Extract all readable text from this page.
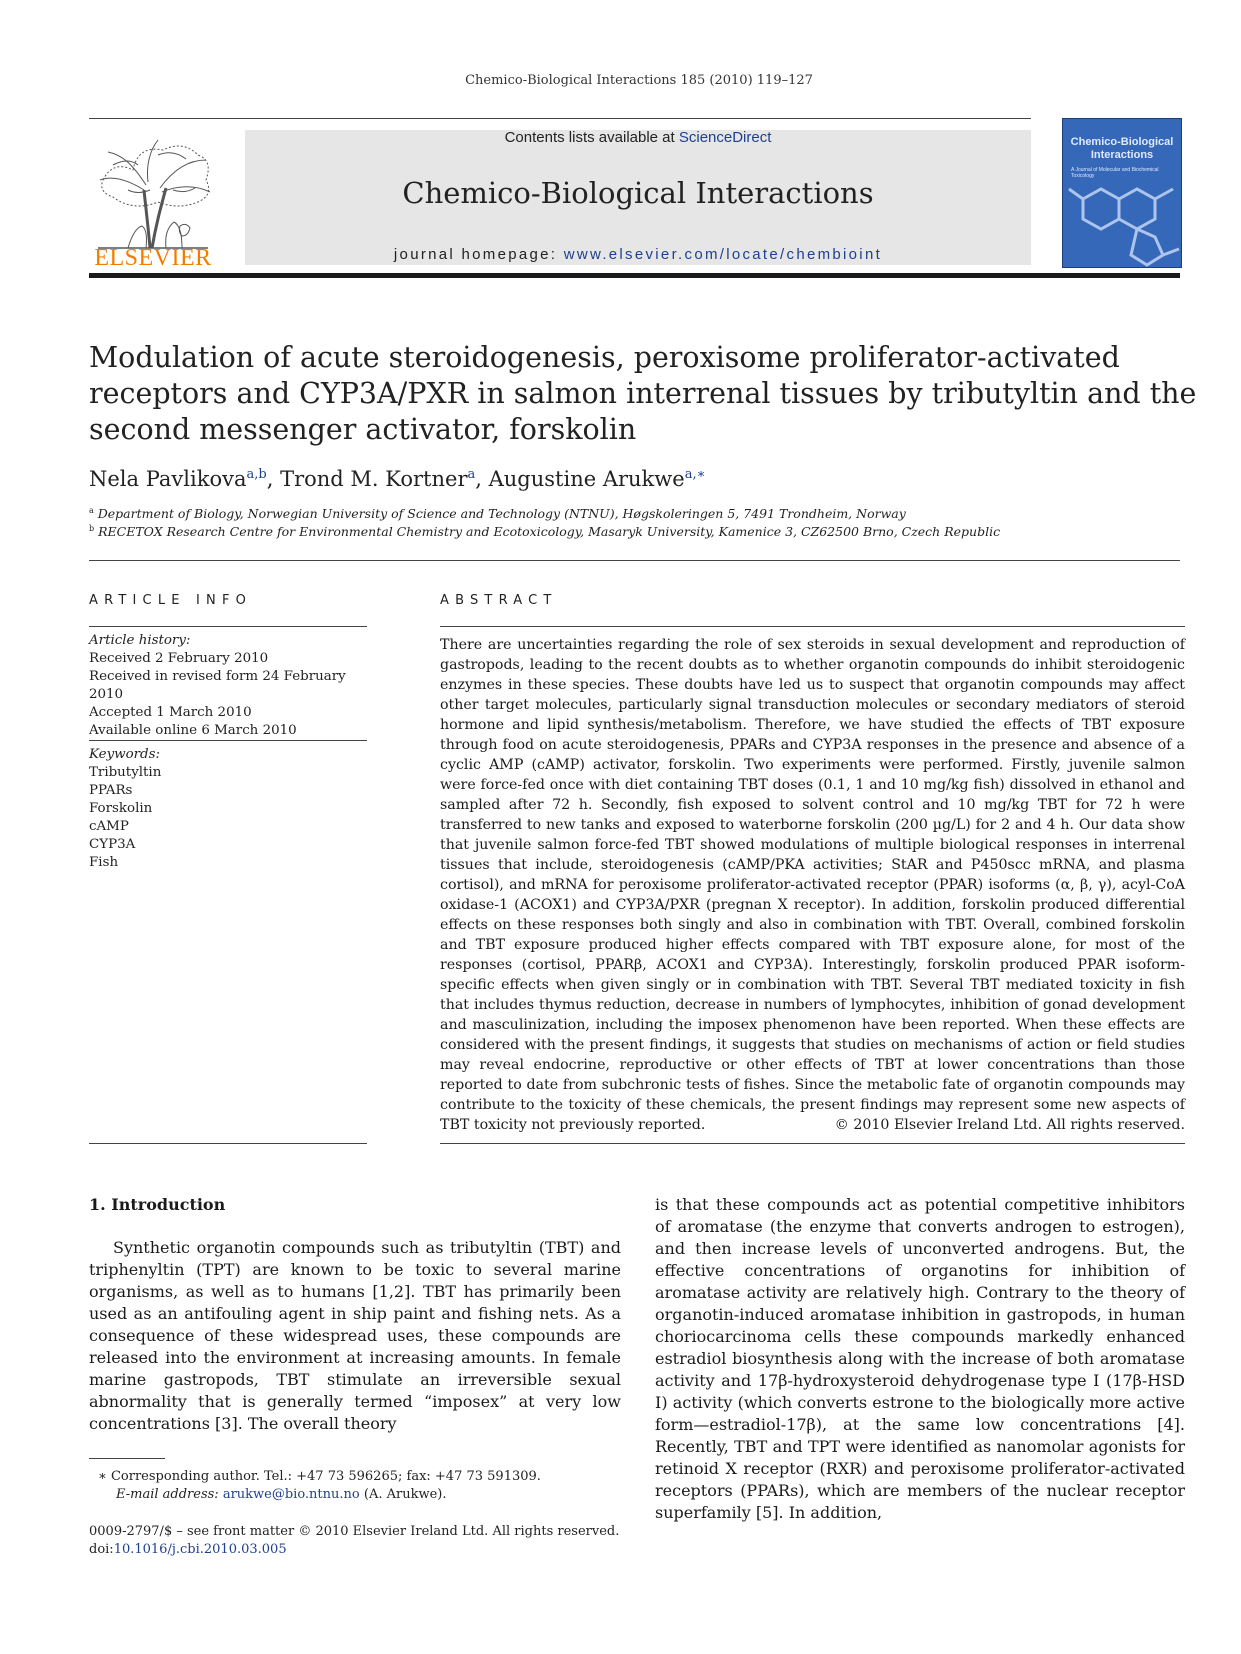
Chemico-Biological Interactions 185 (2010) 119–127
ELSEVIER
Contents lists available at ScienceDirect
Chemico-Biological Interactions
journal homepage: www.elsevier.com/locate/chembioint
Chemico-Biological Interactions
A Journal of Molecular and Biochemical Toxicology
Modulation of acute steroidogenesis, peroxisome proliferator-activated receptors and CYP3A/PXR in salmon interrenal tissues by tributyltin and the second messenger activator, forskolin
Nela Pavlikova$^{a,b}$, Trond M. Kortner$^a$, Augustine Arukwe$^{a,∗}$
$^a$ Department of Biology, Norwegian University of Science and Technology (NTNU), Høgskoleringen 5, 7491 Trondheim, Norway
$^b$ RECETOX Research Centre for Environmental Chemistry and Ecotoxicology, Masaryk University, Kamenice 3, CZ62500 Brno, Czech Republic
ARTICLE INFO
Article history:
Received 2 February 2010
Received in revised form 24 February 2010
Accepted 1 March 2010
Available online 6 March 2010
Keywords:
Tributyltin
PPARs
Forskolin
cAMP
CYP3A
Fish
ABSTRACT
There are uncertainties regarding the role of sex steroids in sexual development and reproduction of gastropods, leading to the recent doubts as to whether organotin compounds do inhibit steroidogenic enzymes in these species. These doubts have led us to suspect that organotin compounds may affect other target molecules, particularly signal transduction molecules or secondary mediators of steroid hormone and lipid synthesis/metabolism. Therefore, we have studied the effects of TBT exposure through food on acute steroidogenesis, PPARs and CYP3A responses in the presence and absence of a cyclic AMP (cAMP) activator, forskolin. Two experiments were performed. Firstly, juvenile salmon were force-fed once with diet containing TBT doses (0.1, 1 and 10 mg/kg fish) dissolved in ethanol and sampled after 72 h. Secondly, fish exposed to solvent control and 10 mg/kg TBT for 72 h were transferred to new tanks and exposed to waterborne forskolin (200 µg/L) for 2 and 4 h. Our data show that juvenile salmon force-fed TBT showed modulations of multiple biological responses in interrenal tissues that include, steroidogenesis (cAMP/PKA activities; StAR and P450scc mRNA, and plasma cortisol), and mRNA for peroxisome proliferator-activated receptor (PPAR) isoforms (α, β, γ), acyl-CoA oxidase-1 (ACOX1) and CYP3A/PXR (pregnan X receptor). In addition, forskolin produced differential effects on these responses both singly and also in combination with TBT. Overall, combined forskolin and TBT exposure produced higher effects compared with TBT exposure alone, for most of the responses (cortisol, PPARβ, ACOX1 and CYP3A). Interestingly, forskolin produced PPAR isoform-specific effects when given singly or in combination with TBT. Several TBT mediated toxicity in fish that includes thymus reduction, decrease in numbers of lymphocytes, inhibition of gonad development and masculinization, including the imposex phenomenon have been reported. When these effects are considered with the present findings, it suggests that studies on mechanisms of action or field studies may reveal endocrine, reproductive or other effects of TBT at lower concentrations than those reported to date from subchronic tests of fishes. Since the metabolic fate of organotin compounds may contribute to the toxicity of these chemicals, the present findings may represent some new aspects of TBT toxicity not previously reported.	© 2010 Elsevier Ireland Ltd. All rights reserved.
1. Introduction
Synthetic organotin compounds such as tributyltin (TBT) and triphenyltin (TPT) are known to be toxic to several marine organisms, as well as to humans [1,2]. TBT has primarily been used as an antifouling agent in ship paint and fishing nets. As a consequence of these widespread uses, these compounds are released into the environment at increasing amounts. In female marine gastropods, TBT stimulate an irreversible sexual abnormality that is generally termed “imposex” at very low concentrations [3]. The overall theory
is that these compounds act as potential competitive inhibitors of aromatase (the enzyme that converts androgen to estrogen), and then increase levels of unconverted androgens. But, the effective concentrations of organotins for inhibition of aromatase activity are relatively high. Contrary to the theory of organotin-induced aromatase inhibition in gastropods, in human choriocarcinoma cells these compounds markedly enhanced estradiol biosynthesis along with the increase of both aromatase activity and 17β-hydroxysteroid dehydrogenase type I (17β-HSD I) activity (which converts estrone to the biologically more active form—estradiol-17β), at the same low concentrations [4]. Recently, TBT and TPT were identified as nanomolar agonists for retinoid X receptor (RXR) and peroxisome proliferator-activated receptors (PPARs), which are members of the nuclear receptor superfamily [5]. In addition,
∗ Corresponding author. Tel.: +47 73 596265; fax: +47 73 591309.
E-mail address: arukwe@bio.ntnu.no (A. Arukwe).
0009-2797/$ – see front matter © 2010 Elsevier Ireland Ltd. All rights reserved.
doi:10.1016/j.cbi.2010.03.005
